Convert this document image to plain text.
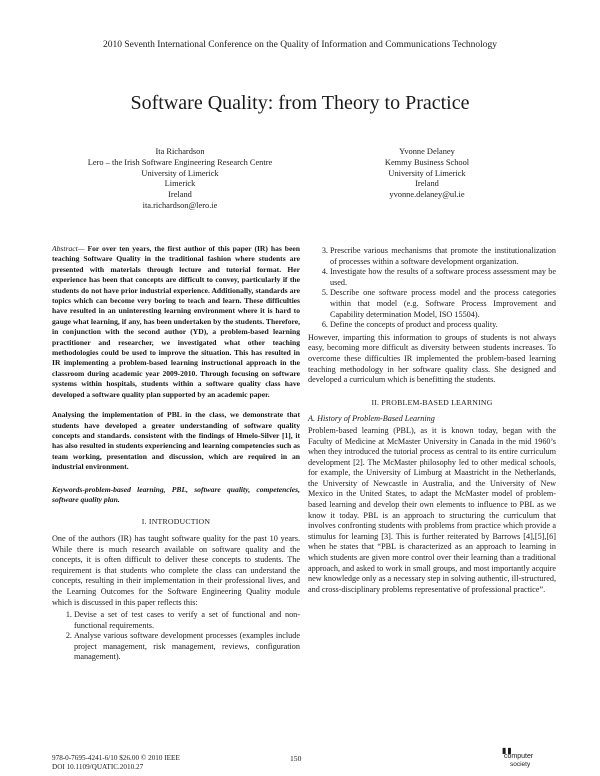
2010 Seventh International Conference on the Quality of Information and Communications Technology
Software Quality: from Theory to Practice
Ita Richardson
Lero – the Irish Software Engineering Research Centre
University of Limerick
Limerick
Ireland
ita.richardson@lero.ie
Yvonne Delaney
Kemmy Business School
University of Limerick
Ireland
yvonne.delaney@ul.ie

Abstract— For over ten years, the first author of this paper (IR) has been teaching Software Quality in the traditional fashion where students are presented with materials through lecture and tutorial format. Her experience has been that concepts are difficult to convey, particularly if the students do not have prior industrial experience. Additionally, standards are topics which can become very boring to teach and learn. These difficulties have resulted in an uninteresting learning environment where it is hard to gauge what learning, if any, has been undertaken by the students. Therefore, in conjunction with the second author (YD), a problem-based learning practitioner and researcher, we investigated what other teaching methodologies could be used to improve the situation. This has resulted in IR implementing a problem-based learning instructional approach in the classroom during academic year 2009-2010. Through focusing on software systems within hospitals, students within a software quality class have developed a software quality plan supported by an academic paper.

Analysing the implementation of PBL in the class, we demonstrate that students have developed a greater understanding of software quality concepts and standards. consistent with the findings of Hmelo-Silver [1], it has also resulted in students experiencing and learning competencies such as team working, presentation and discussion, which are required in an industrial environment.

Keywords-problem-based learning, PBL, software quality, competencies, software quality plan.

I. INTRODUCTION

One of the authors (IR) has taught software quality for the past 10 years. While there is much research available on software quality and the concepts, it is often difficult to deliver these concepts to students. The requirement is that students who complete the class can understand the concepts, resulting in their implementation in their professional lives, and the Learning Outcomes for the Software Engineering Quality module which is discussed in this paper reflects this:

1. Devise a set of test cases to verify a set of functional and non-functional requirements.
2. Analyse various software development processes (examples include project management, risk management, reviews, configuration management).
3. Prescribe various mechanisms that promote the institutionalization of processes within a software development organization.
4. Investigate how the results of a software process assessment may be used.
5. Describe one software process model and the process categories within that model (e.g. Software Process Improvement and Capability determination Model, ISO 15504).
6. Define the concepts of product and process quality.

However, imparting this information to groups of students is not always easy, becoming more difficult as diversity between students increases. To overcome these difficulties IR implemented the problem-based learning teaching methodology in her software quality class. She designed and developed a curriculum which is benefitting the students.

II. PROBLEM-BASED LEARNING
A. History of Problem-Based Learning

Problem-based learning (PBL), as it is known today, began with the Faculty of Medicine at McMaster University in Canada in the mid 1960’s when they introduced the tutorial process as central to its entire curriculum development [2]. The McMaster philosophy led to other medical schools, for example, the University of Limburg at Maastricht in the Netherlands, the University of Newcastle in Australia, and the University of New Mexico in the United States, to adapt the McMaster model of problem-based learning and develop their own elements to influence to PBL as we know it today. PBL is an approach to structuring the curriculum that involves confronting students with problems from practice which provide a stimulus for learning [3]. This is further reiterated by Barrows [4],[5],[6] when he states that “PBL is characterized as an approach to learning in which students are given more control over their learning than a traditional approach, and asked to work in small groups, and most importantly acquire new knowledge only as a necessary step in solving authentic, ill-structured, and cross-disciplinary problems representative of professional practice”.

978-0-7695-4241-6/10 $26.00 © 2010 IEEE
DOI 10.1109/QUATIC.2010.27
150
▮▮
computer
society
